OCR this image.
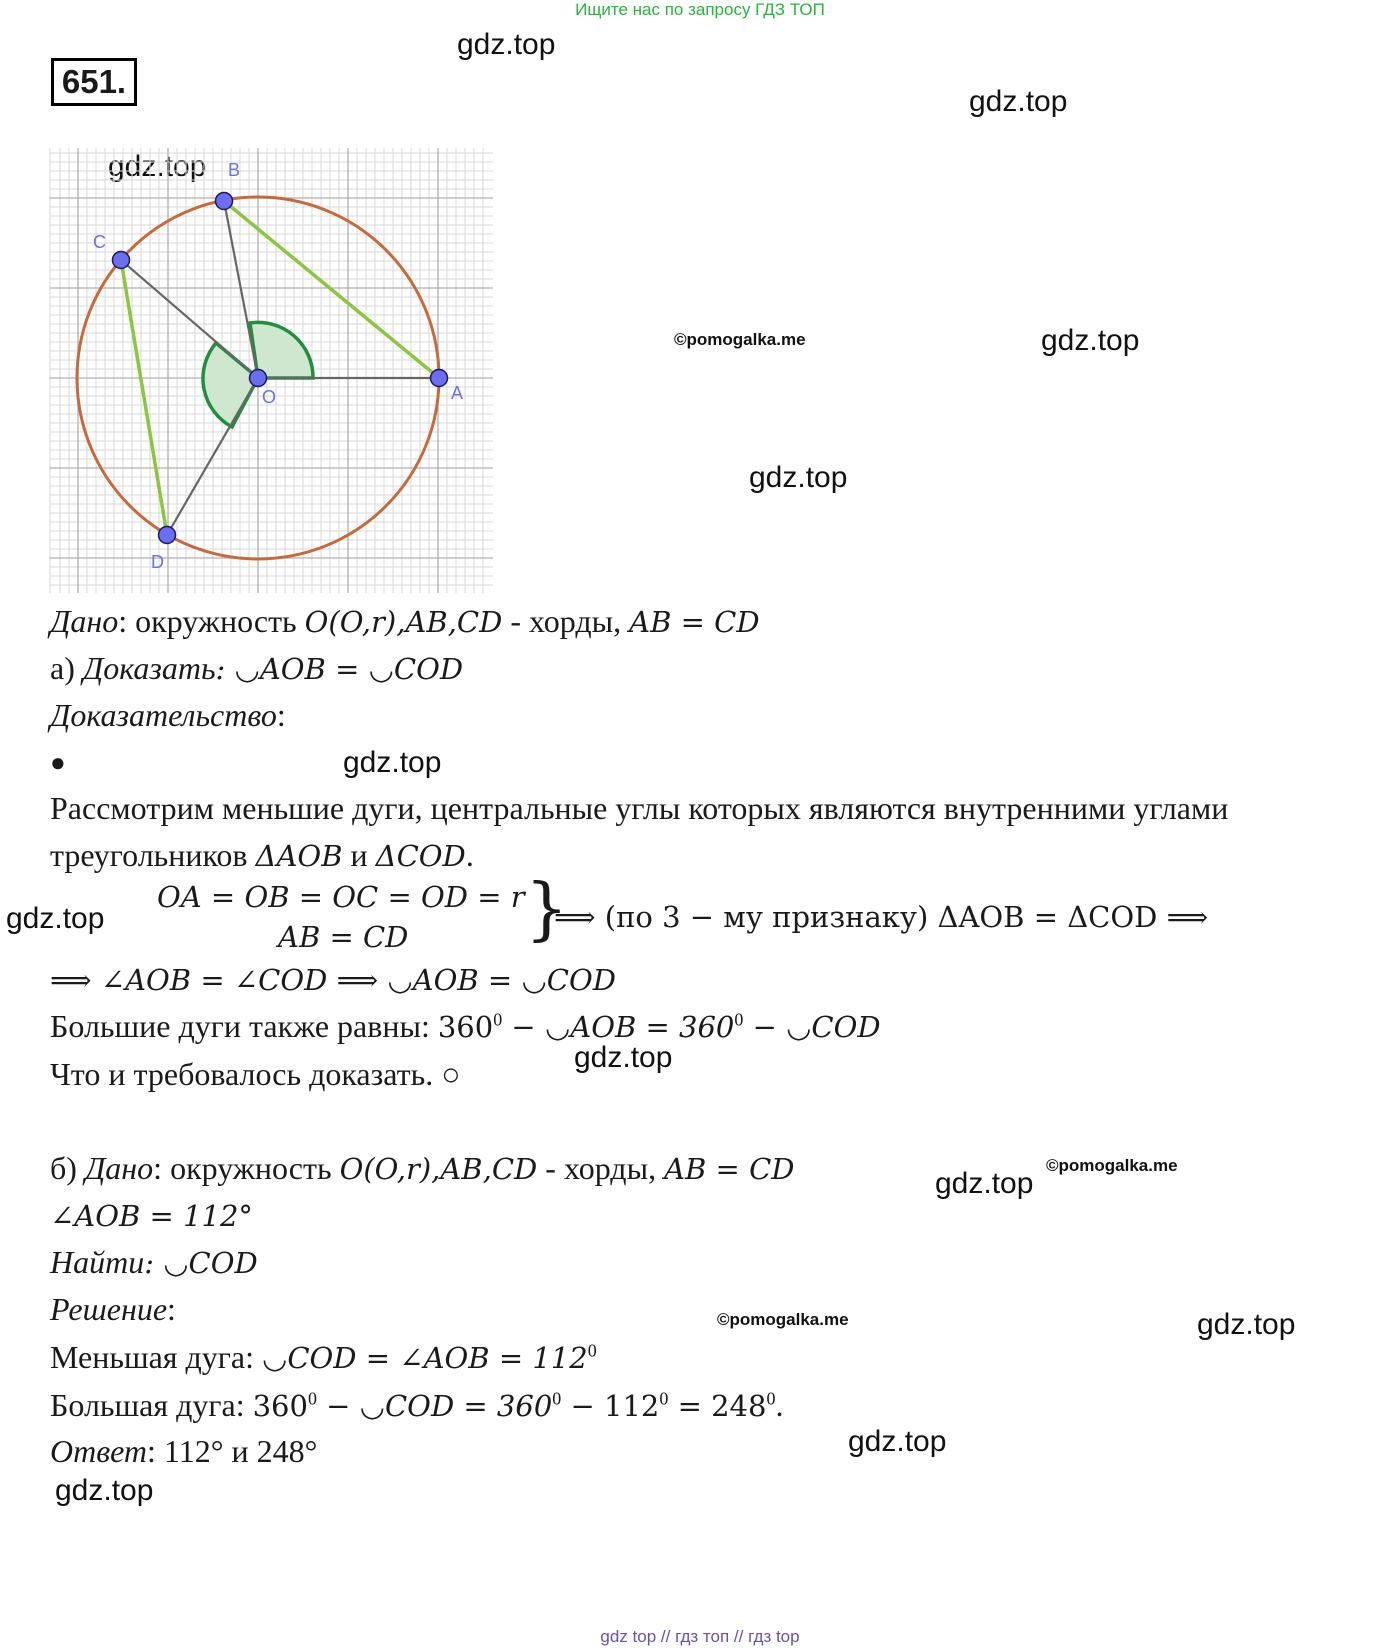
Ищите нас по запросу ГДЗ ТОП
651.
gdz.top
gdz.top
gdz.top
gdz.top
gdz.top
gdz.top
gdz.top
gdz.top
gdz.top
gdz.top
gdz.top
gdz.top
©pomogalka.me
©pomogalka.me
©pomogalka.me
A
B
C
D
O
Дано: окружность O(O,r),AB,CD - хорды, AB = CD
а) Доказать: ◡AOB = ◡COD
Доказательство:
●
Рассмотрим меньшие дуги, центральные углы которых являются внутренними углами
треугольников ΔAOB и ΔCOD.
OA = OB = OC = OD = r
AB = CD }
⟹ (по 3 − му признаку) ΔAOB = ΔCOD ⟹
⟹ ∠AOB = ∠COD ⟹ ◡AOB = ◡COD
Большие дуги также равны: $360^0$ − ◡AOB = $360^0$ − ◡COD
Что и требовалось доказать. ○
б) Дано: окружность O(O,r),AB,CD - хорды, AB = CD
∠AOB = 112°
Найти: ◡COD
Решение:
Меньшая дуга: ◡COD = ∠AOB = $112^0$
Большая дуга: $360^0$ − ◡COD = $360^0 - 112^0 = 248^0$.
Ответ: 112° и 248°
gdz top // гдз топ // гдз top
